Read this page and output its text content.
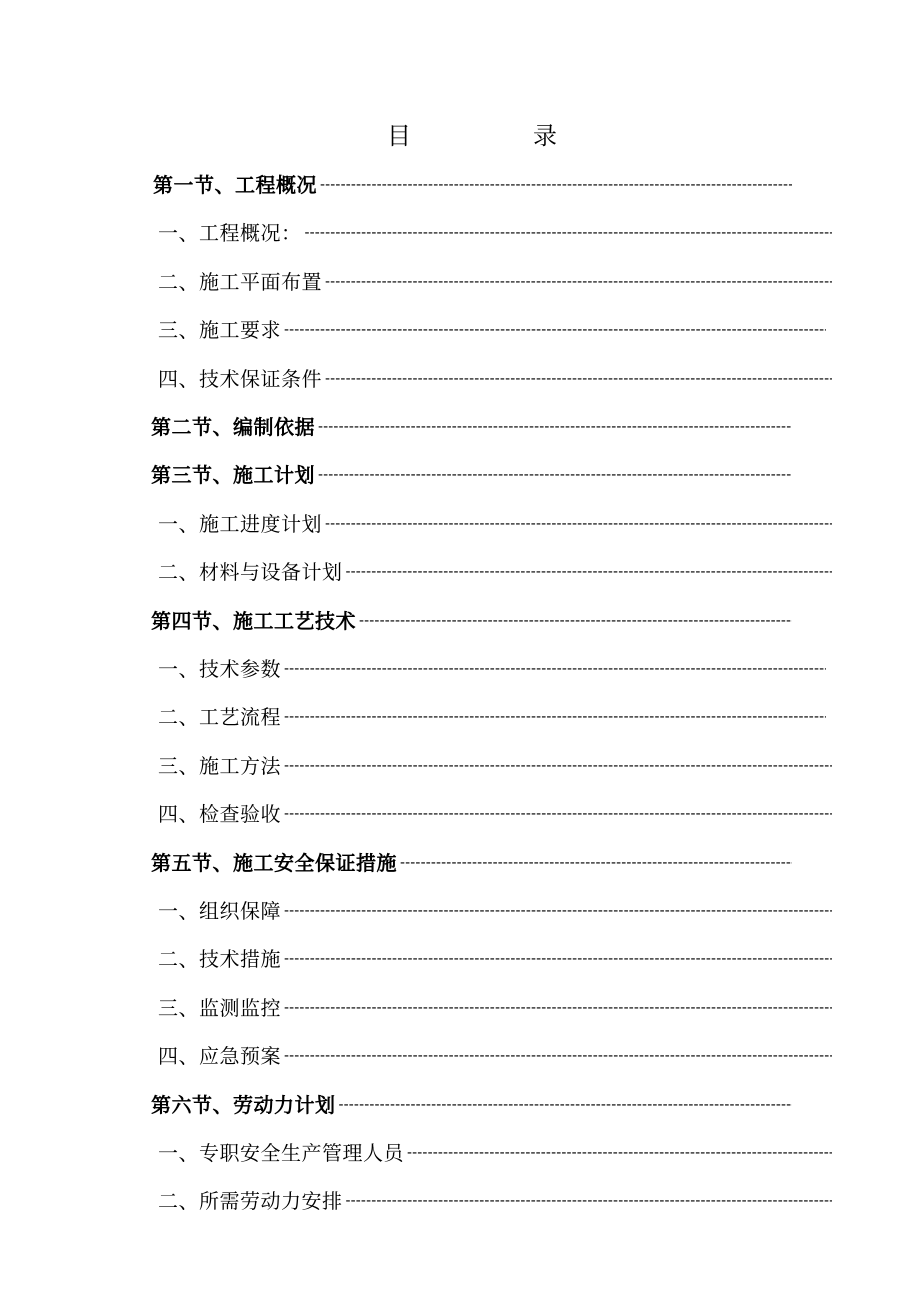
目	录
第一节、工程概况
-----
一、工程概况：
-----
二、施工平面布置
-----
三、施工要求
-----
四、技术保证条件
-----
第二节、编制依据
-----
第三节、施工计划
-----
一、施工进度计划
-----
二、材料与设备计划
-----
第四节、施工工艺技术
-----
一、技术参数
-----
二、工艺流程
-----
三、施工方法
-----
四、检查验收
-----
第五节、施工安全保证措施
-----
一、组织保障
-----
二、技术措施
-----
三、监测监控
-----
四、应急预案
-----
第六节、劳动力计划
-----
一、专职安全生产管理人员
-----
二、所需劳动力安排
-----
